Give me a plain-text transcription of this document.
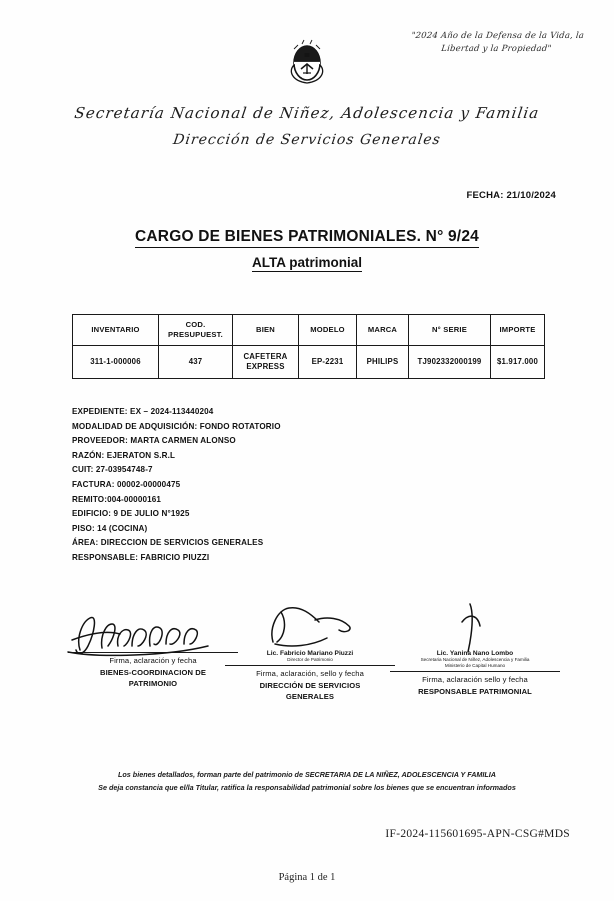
"2024 Año de la Defensa de la Vida, la Libertad y la Propiedad"
Secretaría Nacional de Niñez, Adolescencia y Familia
Dirección de Servicios Generales
FECHA: 21/10/2024
CARGO DE BIENES PATRIMONIALES. N° 9/24
ALTA patrimonial
INVENTARIO	COD. PRESUPUEST.	BIEN	MODELO	MARCA	N° SERIE	IMPORTE
311-1-000006	437	CAFETERA EXPRESS	EP-2231	PHILIPS	TJ902332000199	$1.917.000
EXPEDIENTE: EX – 2024-113440204
MODALIDAD DE ADQUISICIÓN: FONDO ROTATORIO
PROVEEDOR: MARTA CARMEN ALONSO
RAZÓN: EJERATON S.R.L
CUIT: 27-03954748-7
FACTURA: 00002-00000475
REMITO:004-00000161
EDIFICIO: 9 DE JULIO N°1925
PISO: 14 (COCINA)
ÁREA: DIRECCION DE SERVICIOS GENERALES
RESPONSABLE: FABRICIO PIUZZI
Firma, aclaración y fecha
BIENES-COORDINACION DE
PATRIMONIO
Lic. Fabricio Mariano Piuzzi
Director de Patrimonio
Firma, aclaración, sello y fecha
DIRECCIÓN DE SERVICIOS
GENERALES
Lic. Yanina Nano Lombo
Secretaria Nacional de Niñez, Adolescencia y Familia
Ministerio de Capital Humano
Firma, aclaración sello y fecha
RESPONSABLE PATRIMONIAL
Los bienes detallados, forman parte del patrimonio de SECRETARIA DE LA NIÑEZ, ADOLESCENCIA Y FAMILIA
Se deja constancia que el/la Titular, ratifica la responsabilidad patrimonial sobre los bienes que se encuentran informados
IF-2024-115601695-APN-CSG#MDS
Página 1 de 1
